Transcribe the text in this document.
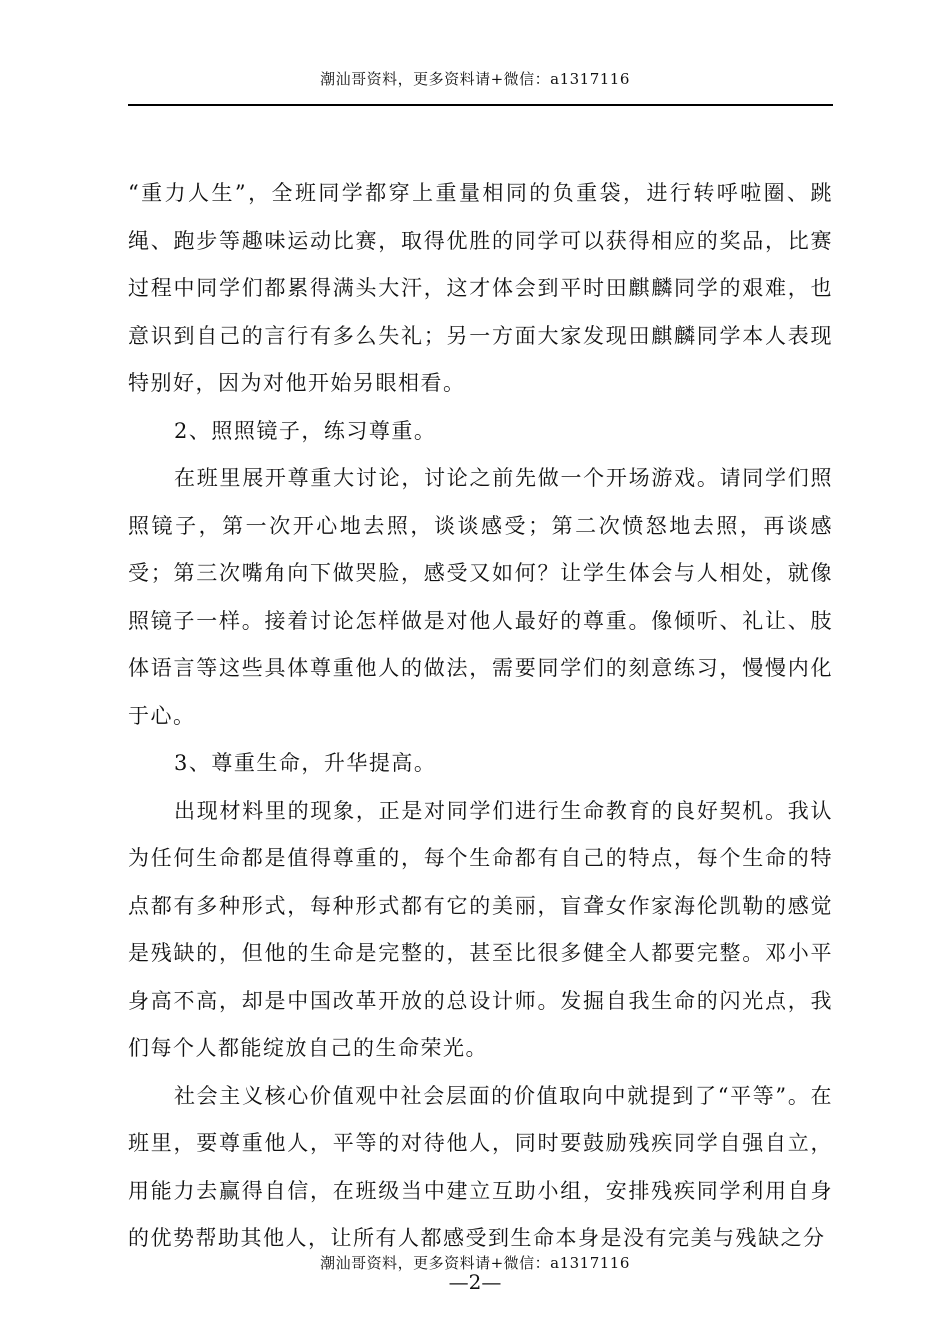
潮汕哥资料，更多资料请+微信：a1317116

“重力人生”，全班同学都穿上重量相同的负重袋，进行转呼啦圈、跳绳、跑步等趣味运动比赛，取得优胜的同学可以获得相应的奖品，比赛过程中同学们都累得满头大汗，这才体会到平时田麒麟同学的艰难，也意识到自己的言行有多么失礼；另一方面大家发现田麒麟同学本人表现特别好，因为对他开始另眼相看。

2、照照镜子，练习尊重。

在班里展开尊重大讨论，讨论之前先做一个开场游戏。请同学们照照镜子，第一次开心地去照，谈谈感受；第二次愤怒地去照，再谈感受；第三次嘴角向下做哭脸，感受又如何？让学生体会与人相处，就像照镜子一样。接着讨论怎样做是对他人最好的尊重。像倾听、礼让、肢体语言等这些具体尊重他人的做法，需要同学们的刻意练习，慢慢内化于心。

3、尊重生命，升华提高。

出现材料里的现象，正是对同学们进行生命教育的良好契机。我认为任何生命都是值得尊重的，每个生命都有自己的特点，每个生命的特点都有多种形式，每种形式都有它的美丽，盲聋女作家海伦凯勒的感觉是残缺的，但他的生命是完整的，甚至比很多健全人都要完整。邓小平身高不高，却是中国改革开放的总设计师。发掘自我生命的闪光点，我们每个人都能绽放自己的生命荣光。

社会主义核心价值观中社会层面的价值取向中就提到了“平等”。在班里，要尊重他人，平等的对待他人，同时要鼓励残疾同学自强自立，用能力去赢得自信，在班级当中建立互助小组，安排残疾同学利用自身的优势帮助其他人，让所有人都感受到生命本身是没有完美与残缺之分

潮汕哥资料，更多资料请+微信：a1317116
—2—
